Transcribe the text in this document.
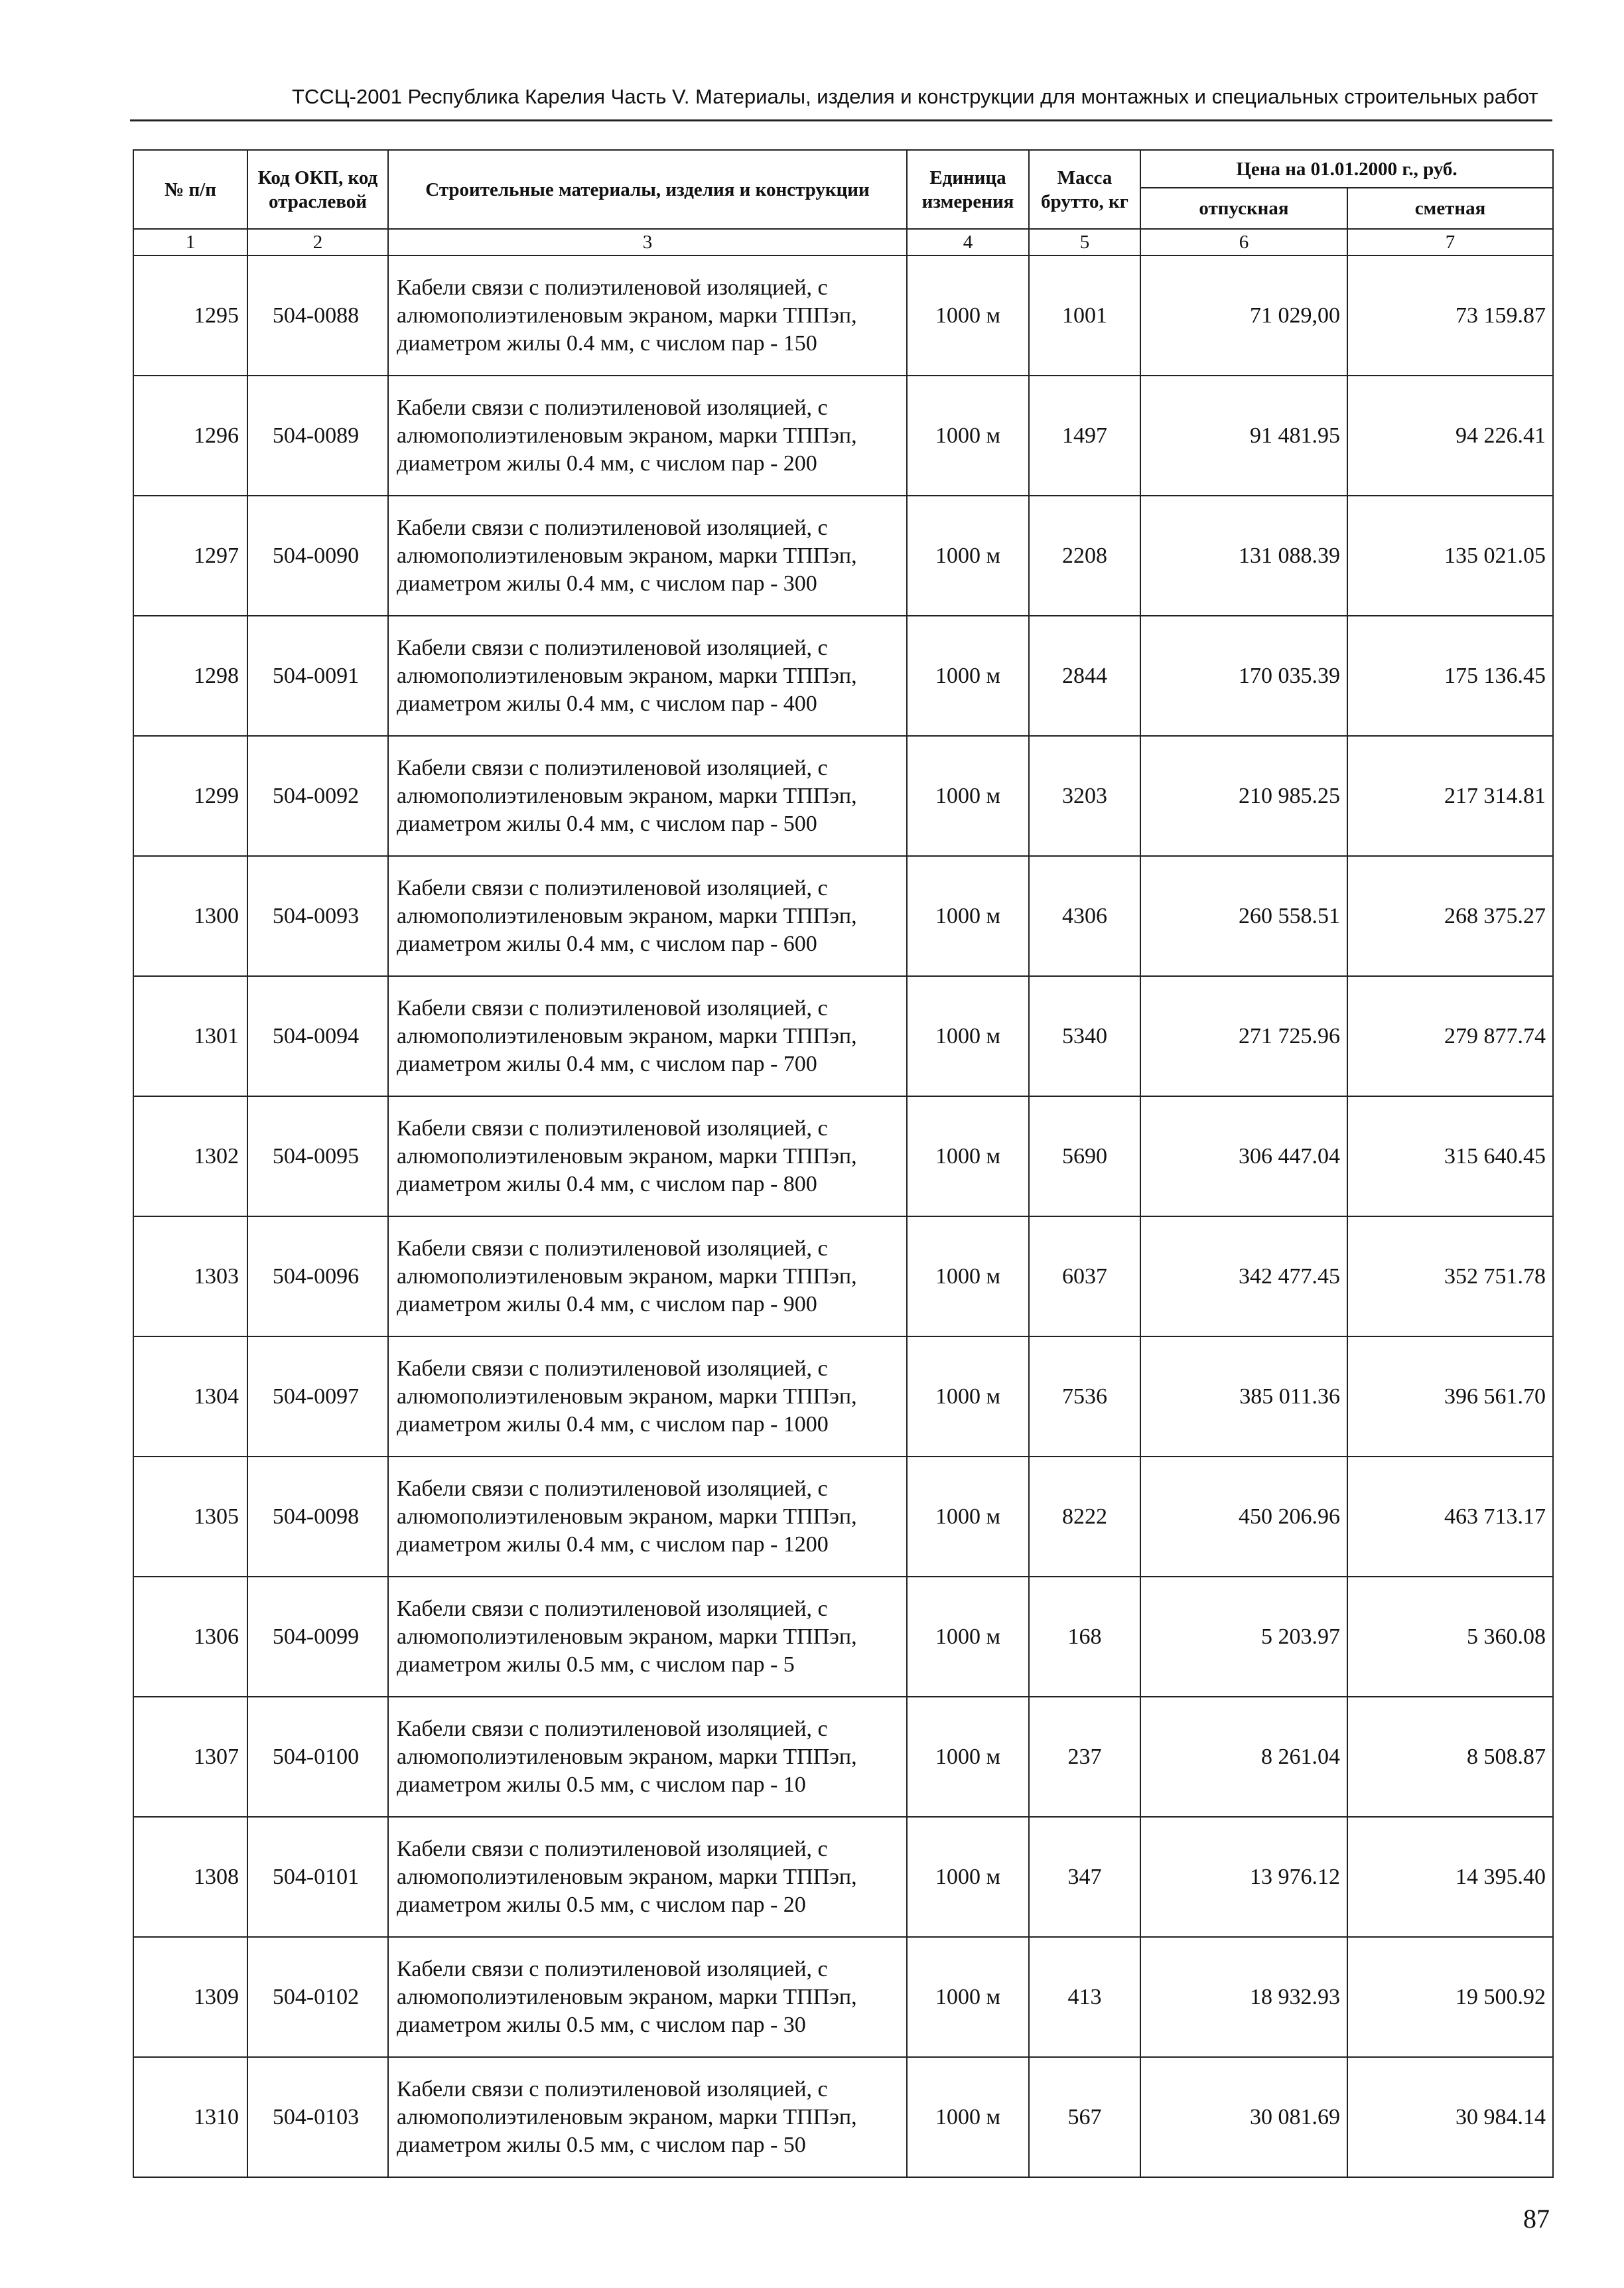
ТССЦ-2001 Республика Карелия Часть V. Материалы, изделия и конструкции для монтажных и специальных строительных работ
№ п/п	Код ОКП, код отраслевой	Строительные материалы, изделия и конструкции	Единица измерения	Масса брутто, кг	Цена на 01.01.2000 г., руб.	
					отпускная	сметная
1	2	3	4	5	6	7
1295	504-0088	Кабели связи с полиэтиленовой изоляцией, с алюмополиэтиленовым экраном, марки ТППэп, диаметром жилы 0.4 мм, с числом пар - 150	1000 м	1001	71 029,00	73 159.87
1296	504-0089	Кабели связи с полиэтиленовой изоляцией, с алюмополиэтиленовым экраном, марки ТППэп, диаметром жилы 0.4 мм, с числом пар - 200	1000 м	1497	91 481.95	94 226.41
1297	504-0090	Кабели связи с полиэтиленовой изоляцией, с алюмополиэтиленовым экраном, марки ТППэп, диаметром жилы 0.4 мм, с числом пар - 300	1000 м	2208	131 088.39	135 021.05
1298	504-0091	Кабели связи с полиэтиленовой изоляцией, с алюмополиэтиленовым экраном, марки ТППэп, диаметром жилы 0.4 мм, с числом пар - 400	1000 м	2844	170 035.39	175 136.45
1299	504-0092	Кабели связи с полиэтиленовой изоляцией, с алюмополиэтиленовым экраном, марки ТППэп, диаметром жилы 0.4 мм, с числом пар - 500	1000 м	3203	210 985.25	217 314.81
1300	504-0093	Кабели связи с полиэтиленовой изоляцией, с алюмополиэтиленовым экраном, марки ТППэп, диаметром жилы 0.4 мм, с числом пар - 600	1000 м	4306	260 558.51	268 375.27
1301	504-0094	Кабели связи с полиэтиленовой изоляцией, с алюмополиэтиленовым экраном, марки ТППэп, диаметром жилы 0.4 мм, с числом пар - 700	1000 м	5340	271 725.96	279 877.74
1302	504-0095	Кабели связи с полиэтиленовой изоляцией, с алюмополиэтиленовым экраном, марки ТППэп, диаметром жилы 0.4 мм, с числом пар - 800	1000 м	5690	306 447.04	315 640.45
1303	504-0096	Кабели связи с полиэтиленовой изоляцией, с алюмополиэтиленовым экраном, марки ТППэп, диаметром жилы 0.4 мм, с числом пар - 900	1000 м	6037	342 477.45	352 751.78
1304	504-0097	Кабели связи с полиэтиленовой изоляцией, с алюмополиэтиленовым экраном, марки ТППэп, диаметром жилы 0.4 мм, с числом пар - 1000	1000 м	7536	385 011.36	396 561.70
1305	504-0098	Кабели связи с полиэтиленовой изоляцией, с алюмополиэтиленовым экраном, марки ТППэп, диаметром жилы 0.4 мм, с числом пар - 1200	1000 м	8222	450 206.96	463 713.17
1306	504-0099	Кабели связи с полиэтиленовой изоляцией, с алюмополиэтиленовым экраном, марки ТППэп, диаметром жилы 0.5 мм, с числом пар - 5	1000 м	168	5 203.97	5 360.08
1307	504-0100	Кабели связи с полиэтиленовой изоляцией, с алюмополиэтиленовым экраном, марки ТППэп, диаметром жилы 0.5 мм, с числом пар - 10	1000 м	237	8 261.04	8 508.87
1308	504-0101	Кабели связи с полиэтиленовой изоляцией, с алюмополиэтиленовым экраном, марки ТППэп, диаметром жилы 0.5 мм, с числом пар - 20	1000 м	347	13 976.12	14 395.40
1309	504-0102	Кабели связи с полиэтиленовой изоляцией, с алюмополиэтиленовым экраном, марки ТППэп, диаметром жилы 0.5 мм, с числом пар - 30	1000 м	413	18 932.93	19 500.92
1310	504-0103	Кабели связи с полиэтиленовой изоляцией, с алюмополиэтиленовым экраном, марки ТППэп, диаметром жилы 0.5 мм, с числом пар - 50	1000 м	567	30 081.69	30 984.14
87
